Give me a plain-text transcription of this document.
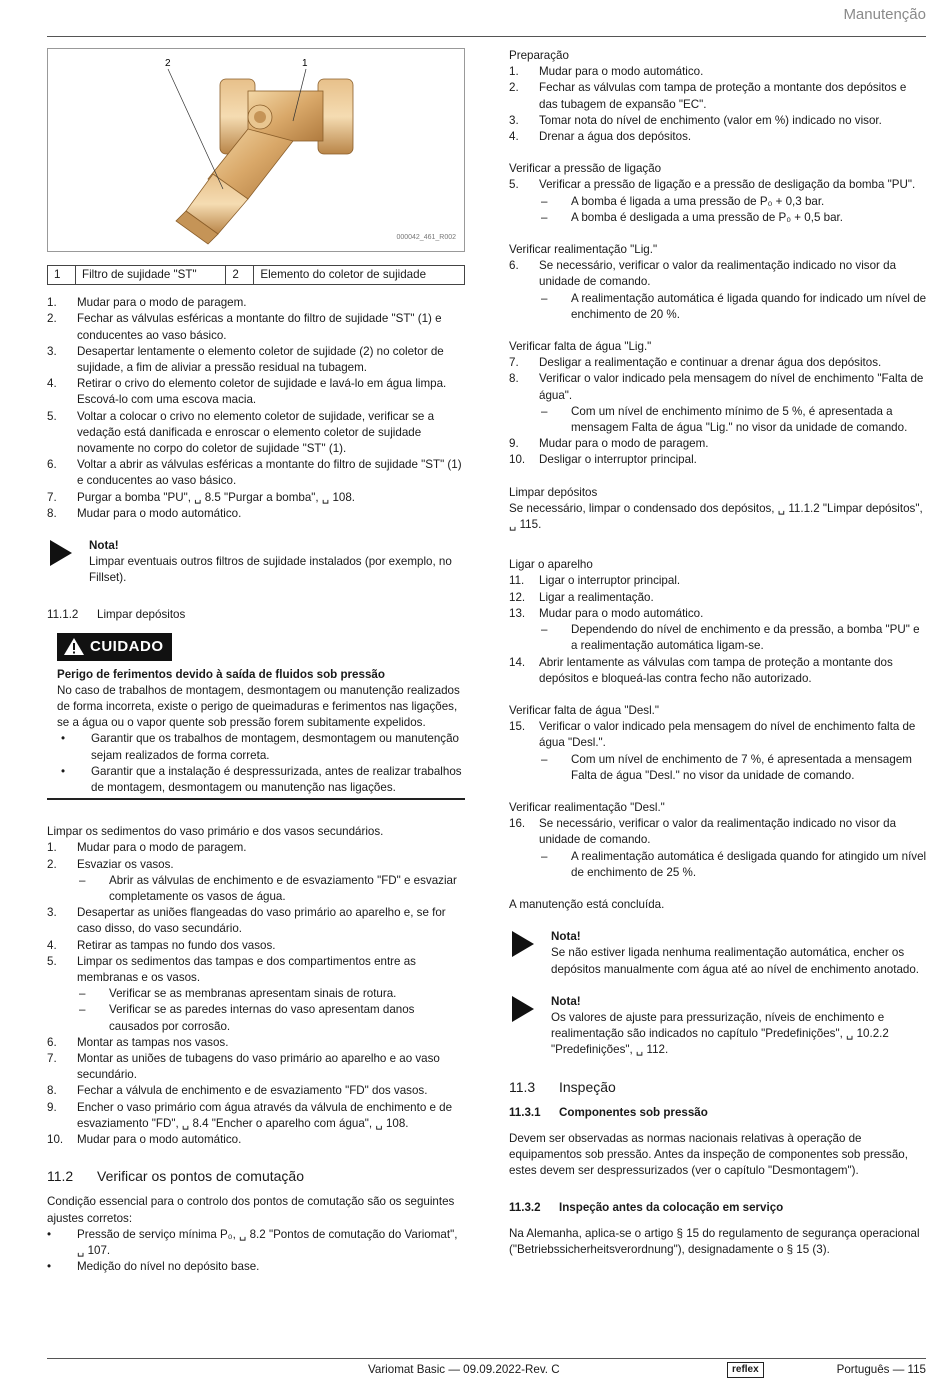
Manutenção
2	1
000042_461_R002
1	Filtro de sujidade "ST"	2	Elemento do coletor de sujidade
1.	Mudar para o modo de paragem.
2.	Fechar as válvulas esféricas a montante do filtro de sujidade "ST" (1) e conducentes ao vaso básico.
3.	Desapertar lentamente o elemento coletor de sujidade (2) no coletor de sujidade, a fim de aliviar a pressão residual na tubagem.
4.	Retirar o crivo do elemento coletor de sujidade e lavá-lo em água limpa. Escová-lo com uma escova macia.
5.	Voltar a colocar o crivo no elemento coletor de sujidade, verificar se a vedação está danificada e enroscar o elemento coletor de sujidade novamente no corpo do coletor de sujidade "ST" (1).
6.	Voltar a abrir as válvulas esféricas a montante do filtro de sujidade "ST" (1) e conducentes ao vaso básico.
7.	Purgar a bomba "PU", ␣ 8.5 "Purgar a bomba", ␣ 108.
8.	Mudar para o modo automático.
Nota!
Limpar eventuais outros filtros de sujidade instalados (por exemplo, no Fillset).
11.1.2	Limpar depósitos
CUIDADO
Perigo de ferimentos devido à saída de fluidos sob pressão
No caso de trabalhos de montagem, desmontagem ou manutenção realizados de forma incorreta, existe o perigo de queimaduras e ferimentos nas ligações, se a água ou o vapor quente sob pressão forem subitamente expelidos.
•	Garantir que os trabalhos de montagem, desmontagem ou manutenção sejam realizados de forma correta.
•	Garantir que a instalação é despressurizada, antes de realizar trabalhos de montagem, desmontagem ou manutenção nas ligações.
Limpar os sedimentos do vaso primário e dos vasos secundários.
1.	Mudar para o modo de paragem.
2.	Esvaziar os vasos.
–	Abrir as válvulas de enchimento e de esvaziamento "FD" e esvaziar completamente os vasos de água.
3.	Desapertar as uniões flangeadas do vaso primário ao aparelho e, se for caso disso, do vaso secundário.
4.	Retirar as tampas no fundo dos vasos.
5.	Limpar os sedimentos das tampas e dos compartimentos entre as membranas e os vasos.
–	Verificar se as membranas apresentam sinais de rotura.
–	Verificar se as paredes internas do vaso apresentam danos causados por corrosão.
6.	Montar as tampas nos vasos.
7.	Montar as uniões de tubagens do vaso primário ao aparelho e ao vaso secundário.
8.	Fechar a válvula de enchimento e de esvaziamento "FD" dos vasos.
9.	Encher o vaso primário com água através da válvula de enchimento e de esvaziamento "FD", ␣ 8.4 "Encher o aparelho com água", ␣ 108.
10.	Mudar para o modo automático.
11.2	Verificar os pontos de comutação
Condição essencial para o controlo dos pontos de comutação são os seguintes ajustes corretos:
•	Pressão de serviço mínima P₀, ␣ 8.2 "Pontos de comutação do Variomat", ␣ 107.
•	Medição do nível no depósito base.
Preparação
1.	Mudar para o modo automático.
2.	Fechar as válvulas com tampa de proteção a montante dos depósitos e das tubagem de expansão "EC".
3.	Tomar nota do nível de enchimento (valor em %) indicado no visor.
4.	Drenar a água dos depósitos.
Verificar a pressão de ligação
5.	Verificar a pressão de ligação e a pressão de desligação da bomba "PU".
–	A bomba é ligada a uma pressão de P₀ + 0,3 bar.
–	A bomba é desligada a uma pressão de P₀ + 0,5 bar.
Verificar realimentação "Lig."
6.	Se necessário, verificar o valor da realimentação indicado no visor da unidade de comando.
–	A realimentação automática é ligada quando for indicado um nível de enchimento de 20 %.
Verificar falta de água "Lig."
7.	Desligar a realimentação e continuar a drenar água dos depósitos.
8.	Verificar o valor indicado pela mensagem do nível de enchimento "Falta de água".
–	Com um nível de enchimento mínimo de 5 %, é apresentada a mensagem Falta de água "Lig." no visor da unidade de comando.
9.	Mudar para o modo de paragem.
10.	Desligar o interruptor principal.
Limpar depósitos
Se necessário, limpar o condensado dos depósitos, ␣ 11.1.2 "Limpar depósitos", ␣ 115.
Ligar o aparelho
11.	Ligar o interruptor principal.
12.	Ligar a realimentação.
13.	Mudar para o modo automático.
–	Dependendo do nível de enchimento e da pressão, a bomba "PU" e a realimentação automática ligam-se.
14.	Abrir lentamente as válvulas com tampa de proteção a montante dos depósitos e bloqueá-las contra fecho não autorizado.
Verificar falta de água "Desl."
15.	Verificar o valor indicado pela mensagem do nível de enchimento falta de água "Desl.".
–	Com um nível de enchimento de 7 %, é apresentada a mensagem Falta de água "Desl." no visor da unidade de comando.
Verificar realimentação "Desl."
16.	Se necessário, verificar o valor da realimentação indicado no visor da unidade de comando.
–	A realimentação automática é desligada quando for atingido um nível de enchimento de 25 %.
A manutenção está concluída.
Nota!
Se não estiver ligada nenhuma realimentação automática, encher os depósitos manualmente com água até ao nível de enchimento anotado.
Nota!
Os valores de ajuste para pressurização, níveis de enchimento e realimentação são indicados no capítulo "Predefinições", ␣ 10.2.2 "Predefinições", ␣ 112.
11.3	Inspeção
11.3.1	Componentes sob pressão
Devem ser observadas as normas nacionais relativas à operação de equipamentos sob pressão. Antes da inspeção de componentes sob pressão, estes devem ser despressurizados (ver o capítulo "Desmontagem").
11.3.2	Inspeção antes da colocação em serviço
Na Alemanha, aplica-se o artigo § 15 do regulamento de segurança operacional ("Betriebssicherheitsverordnung"), designadamente o § 15 (3).
Variomat Basic — 09.09.2022-Rev. C	reflex	Português — 115
